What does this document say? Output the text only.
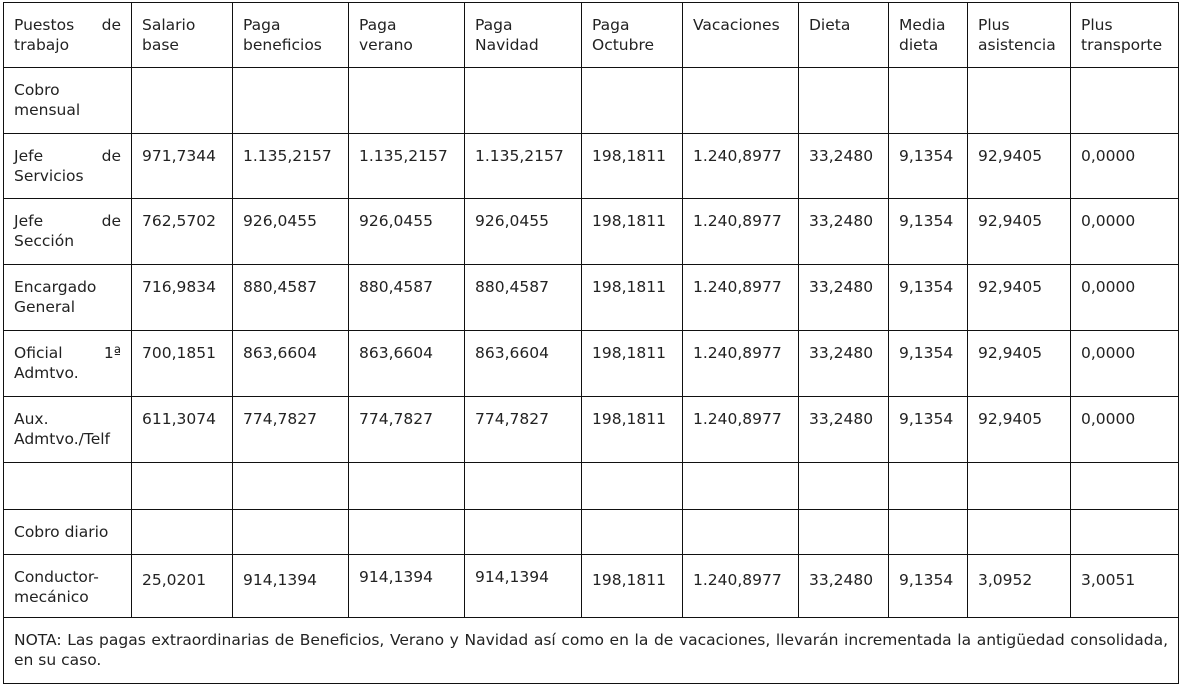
Puestos de
trabajo	Salario base	Paga beneficios	Paga verano	Paga Navidad	Paga Octubre	Vacaciones	Dieta	Media dieta	Plus asistencia	Plus transporte
Cobro mensual										

Jefe de
Servicios	971,7344	1.135,2157	1.135,2157	1.135,2157	198,1811	1.240,8977	33,2480	9,1354	92,9405	0,0000

Jefe de
Sección	762,5702	926,0455	926,0455	926,0455	198,1811	1.240,8977	33,2480	9,1354	92,9405	0,0000
Encargado
General	716,9834	880,4587	880,4587	880,4587	198,1811	1.240,8977	33,2480	9,1354	92,9405	0,0000

Oficial 1ª
Admtvo.	700,1851	863,6604	863,6604	863,6604	198,1811	1.240,8977	33,2480	9,1354	92,9405	0,0000
Aux.
Admtvo./Telf	611,3074	774,7827	774,7827	774,7827	198,1811	1.240,8977	33,2480	9,1354	92,9405	0,0000

Cobro diario										
Conductor-
mecánico	25,0201	914,1394	914,1394	914,1394	198,1811	1.240,8977	33,2480	9,1354	3,0952	3,0051
NOTA: Las pagas extraordinarias de Beneficios, Verano y Navidad así como en la de vacaciones, llevarán incrementada la antigüedad consolidada, en su caso.										
